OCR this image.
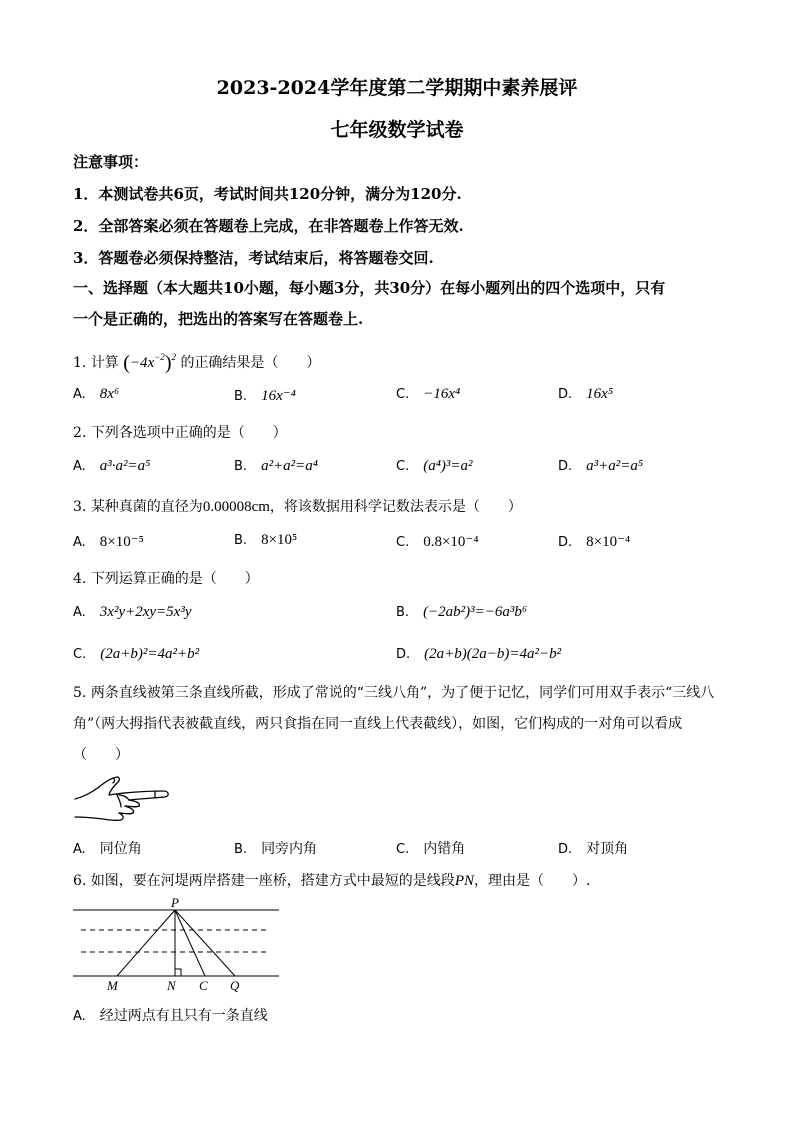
2023-2024学年度第二学期期中素养展评
七年级数学试卷
注意事项：
1．本测试卷共6页，考试时间共120分钟，满分为120分.
2．全部答案必须在答题卷上完成，在非答题卷上作答无效.
3．答题卷必须保持整洁，考试结束后，将答题卷交回.
一、选择题（本大题共10小题，每小题3分，共30分）在每小题列出的四个选项中，只有
一个是正确的，把选出的答案写在答题卷上.
1. 计算 $(-4x^{-2})^2$ 的正确结果是（　　）
A. 8x⁶	B. 16x⁻⁴	C. −16x⁴	D. 16x⁵
2. 下列各选项中正确的是（　　）
A. a³·a²=a⁵	B. a²+a²=a⁴	C. (a⁴)³=a²	D. a³+a²=a⁵
3. 某种真菌的直径为0.00008cm，将该数据用科学记数法表示是（　　）
A. 8×10⁻⁵	B. 8×10⁵	C. 0.8×10⁻⁴	D. 8×10⁻⁴
4. 下列运算正确的是（　　）
A. 3x²y+2xy=5x³y	B. (−2ab²)³=−6a³b⁶
C. (2a+b)²=4a²+b²	D. (2a+b)(2a−b)=4a²−b²
5. 两条直线被第三条直线所截，形成了常说的“三线八角”，为了便于记忆，同学们可用双手表示“三线八
角”（两大拇指代表被截直线，两只食指在同一直线上代表截线），如图，它们构成的一对角可以看成
（　　）
A. 同位角	B. 同旁内角	C. 内错角	D. 对顶角
6. 如图，要在河堤两岸搭建一座桥，搭建方式中最短的是线段PN，理由是（　　）.
P
M	N C Q
A. 经过两点有且只有一条直线
